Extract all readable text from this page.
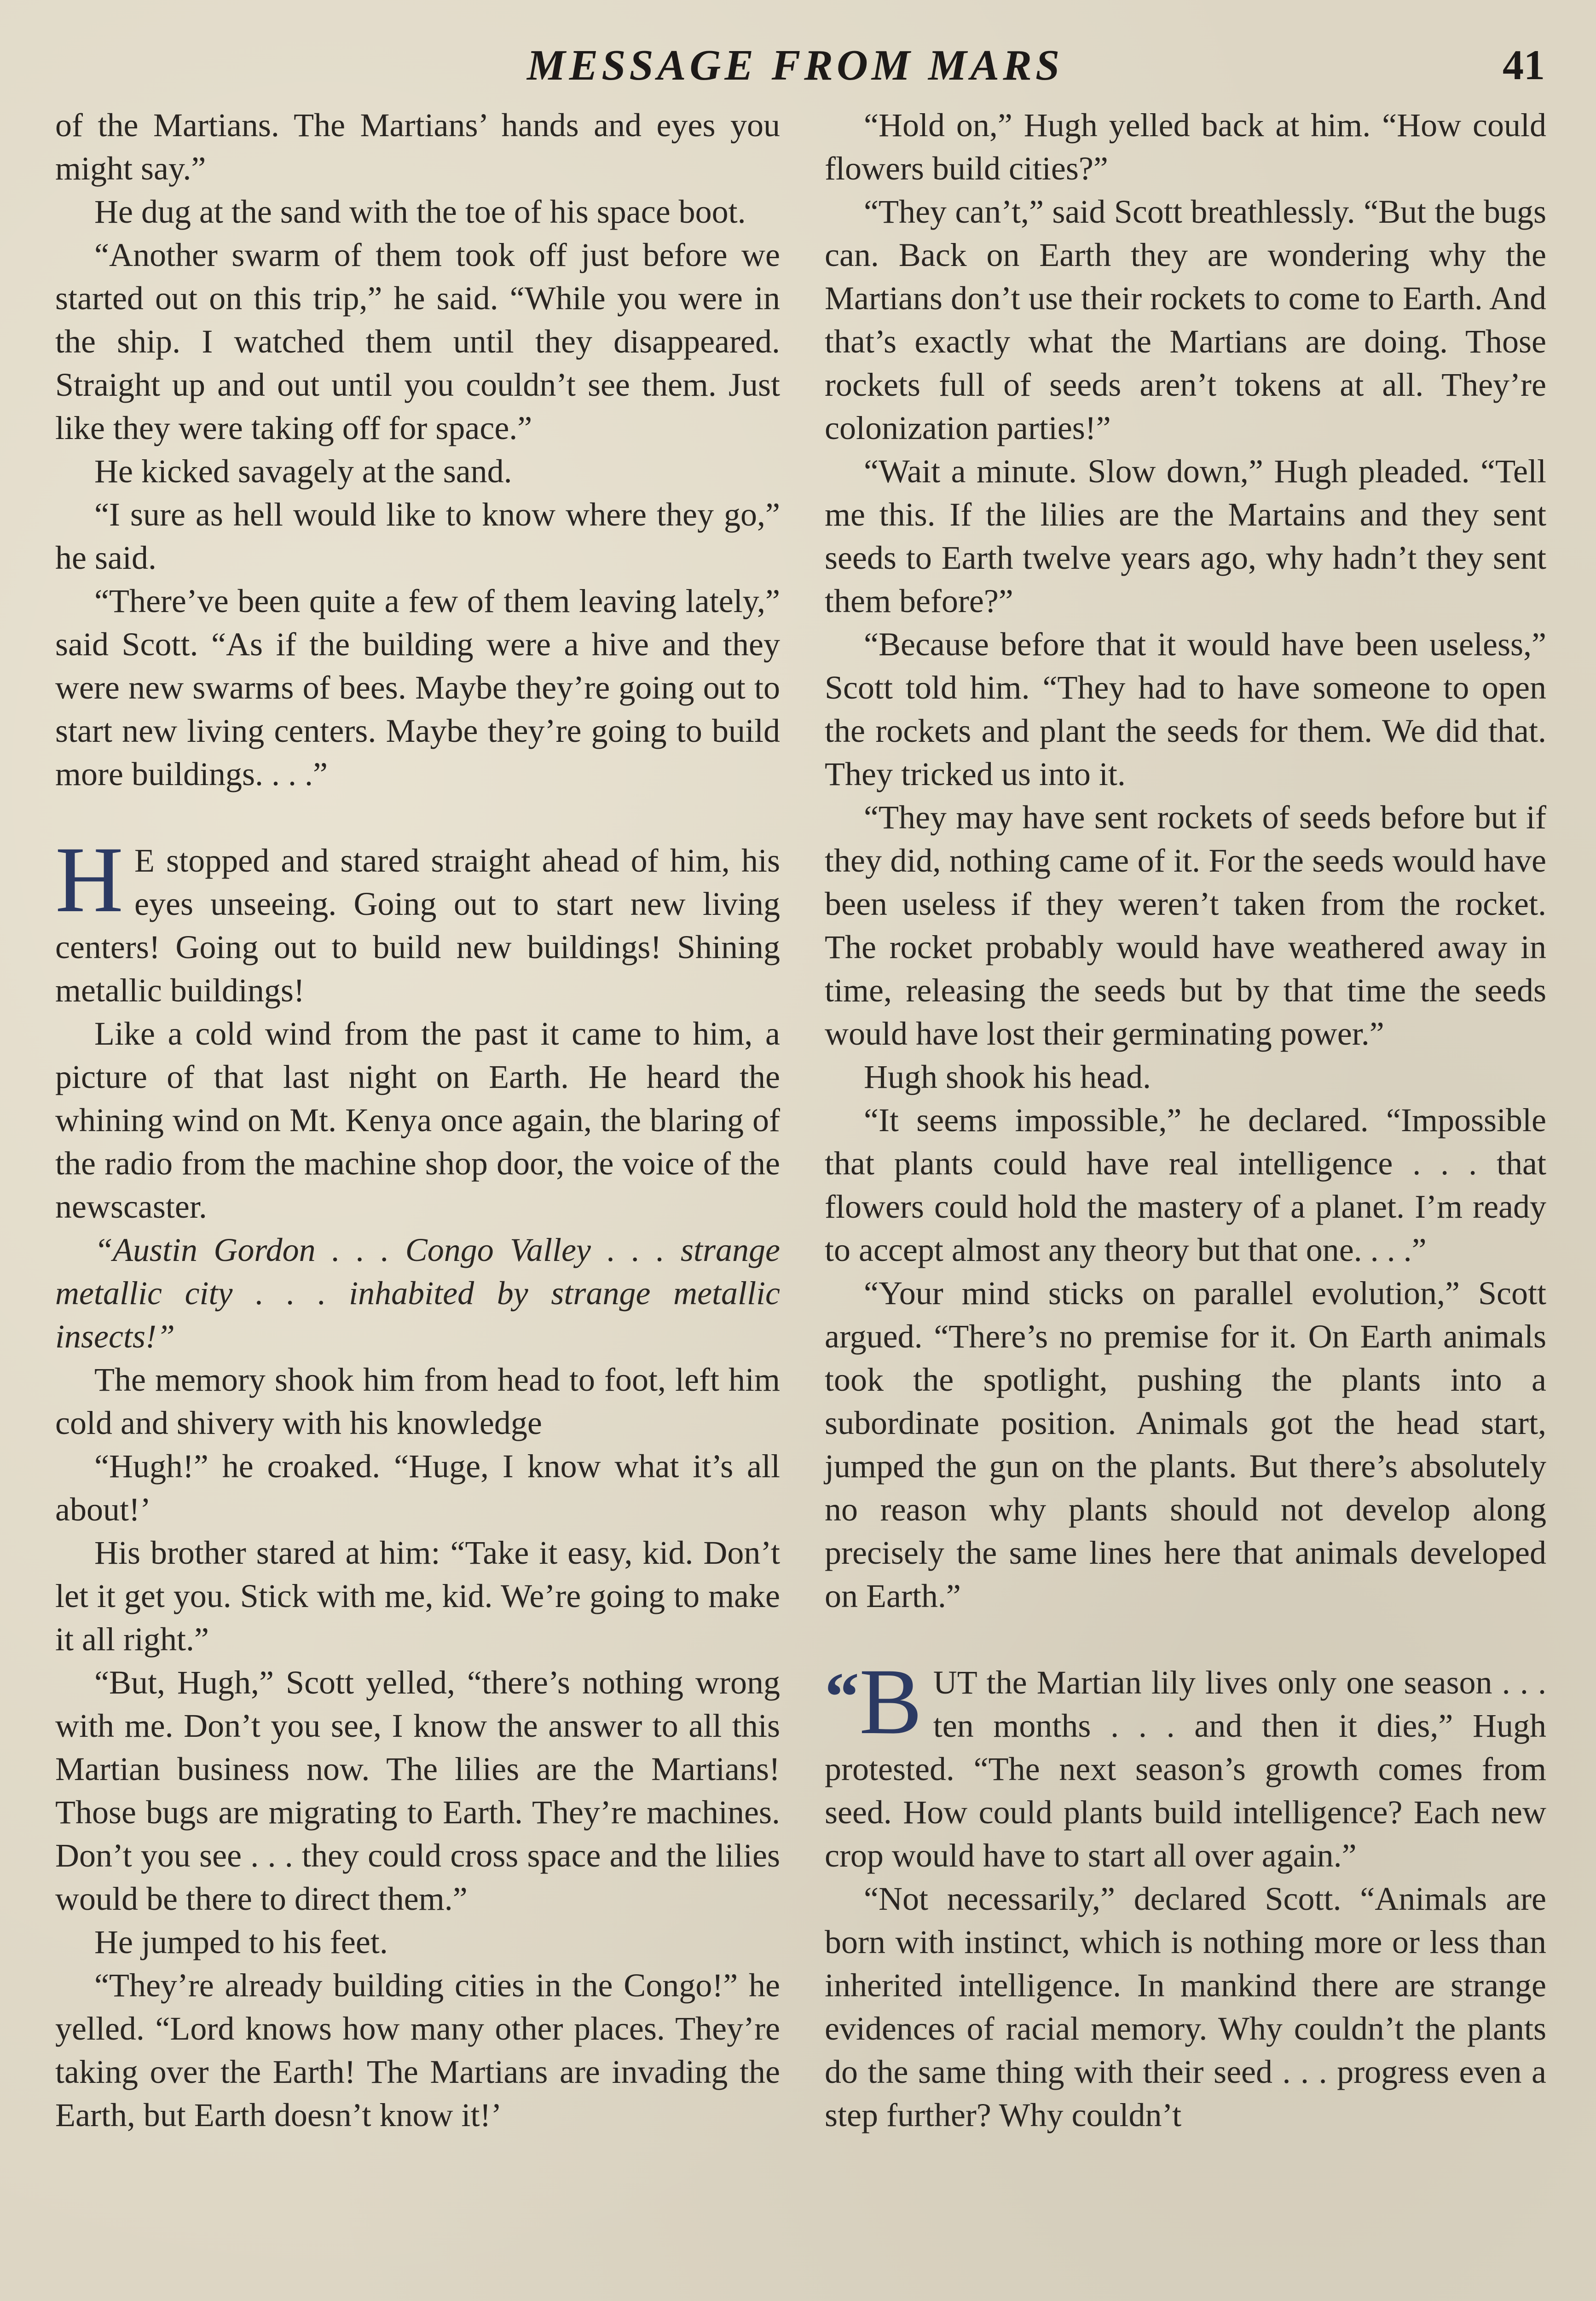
MESSAGE FROM MARS	41

of the Martians. The Martians’ hands and eyes you might say.”

He dug at the sand with the toe of his space boot.

“Another swarm of them took off just before we started out on this trip,” he said. “While you were in the ship. I watched them until they disappeared. Straight up and out until you couldn’t see them. Just like they were taking off for space.”

He kicked savagely at the sand.

“I sure as hell would like to know where they go,” he said.

“There’ve been quite a few of them leaving lately,” said Scott. “As if the building were a hive and they were new swarms of bees. Maybe they’re going out to start new living centers. Maybe they’re going to build more buildings. . . .”

H E stopped and stared straight ahead of him, his eyes unseeing. Going out to start new living centers! Going out to build new buildings! Shining metallic buildings!

Like a cold wind from the past it came to him, a picture of that last night on Earth. He heard the whining wind on Mt. Kenya once again, the blaring of the radio from the machine shop door, the voice of the newscaster.

“Austin Gordon . . . Congo Valley . . . strange metallic city . . . inhabited by strange metallic insects!”

The memory shook him from head to foot, left him cold and shivery with his knowledge

“Hugh!” he croaked. “Huge, I know what it’s all about!’

His brother stared at him: “Take it easy, kid. Don’t let it get you. Stick with me, kid. We’re going to make it all right.”

“But, Hugh,” Scott yelled, “there’s nothing wrong with me. Don’t you see, I know the answer to all this Martian business now. The lilies are the Martians! Those bugs are migrating to Earth. They’re machines. Don’t you see . . . they could cross space and the lilies would be there to direct them.”

He jumped to his feet.

“They’re already building cities in the Congo!” he yelled. “Lord knows how many other places. They’re taking over the Earth! The Martians are invading the Earth, but Earth doesn’t know it!’

“Hold on,” Hugh yelled back at him. “How could flowers build cities?”

“They can’t,” said Scott breathlessly. “But the bugs can. Back on Earth they are wondering why the Martians don’t use their rockets to come to Earth. And that’s exactly what the Martians are doing. Those rockets full of seeds aren’t tokens at all. They’re colonization parties!”

“Wait a minute. Slow down,” Hugh pleaded. “Tell me this. If the lilies are the Martains and they sent seeds to Earth twelve years ago, why hadn’t they sent them before?”

“Because before that it would have been useless,” Scott told him. “They had to have someone to open the rockets and plant the seeds for them. We did that. They tricked us into it.

“They may have sent rockets of seeds before but if they did, nothing came of it. For the seeds would have been useless if they weren’t taken from the rocket. The rocket probably would have weathered away in time, releasing the seeds but by that time the seeds would have lost their germinating power.”

Hugh shook his head.

“It seems impossible,” he declared. “Impossible that plants could have real intelligence . . . that flowers could hold the mastery of a planet. I’m ready to accept almost any theory but that one. . . .”

“Your mind sticks on parallel evolution,” Scott argued. “There’s no premise for it. On Earth animals took the spotlight, pushing the plants into a subordinate position. Animals got the head start, jumped the gun on the plants. But there’s absolutely no reason why plants should not develop along precisely the same lines here that animals developed on Earth.”

“ B UT the Martian lily lives only one season . . . ten months . . . and then it dies,” Hugh protested. “The next season’s growth comes from seed. How could plants build intelligence? Each new crop would have to start all over again.”

“Not necessarily,” declared Scott. “Animals are born with instinct, which is nothing more or less than inherited intelligence. In mankind there are strange evidences of racial memory. Why couldn’t the plants do the same thing with their seed . . . progress even a step further? Why couldn’t
